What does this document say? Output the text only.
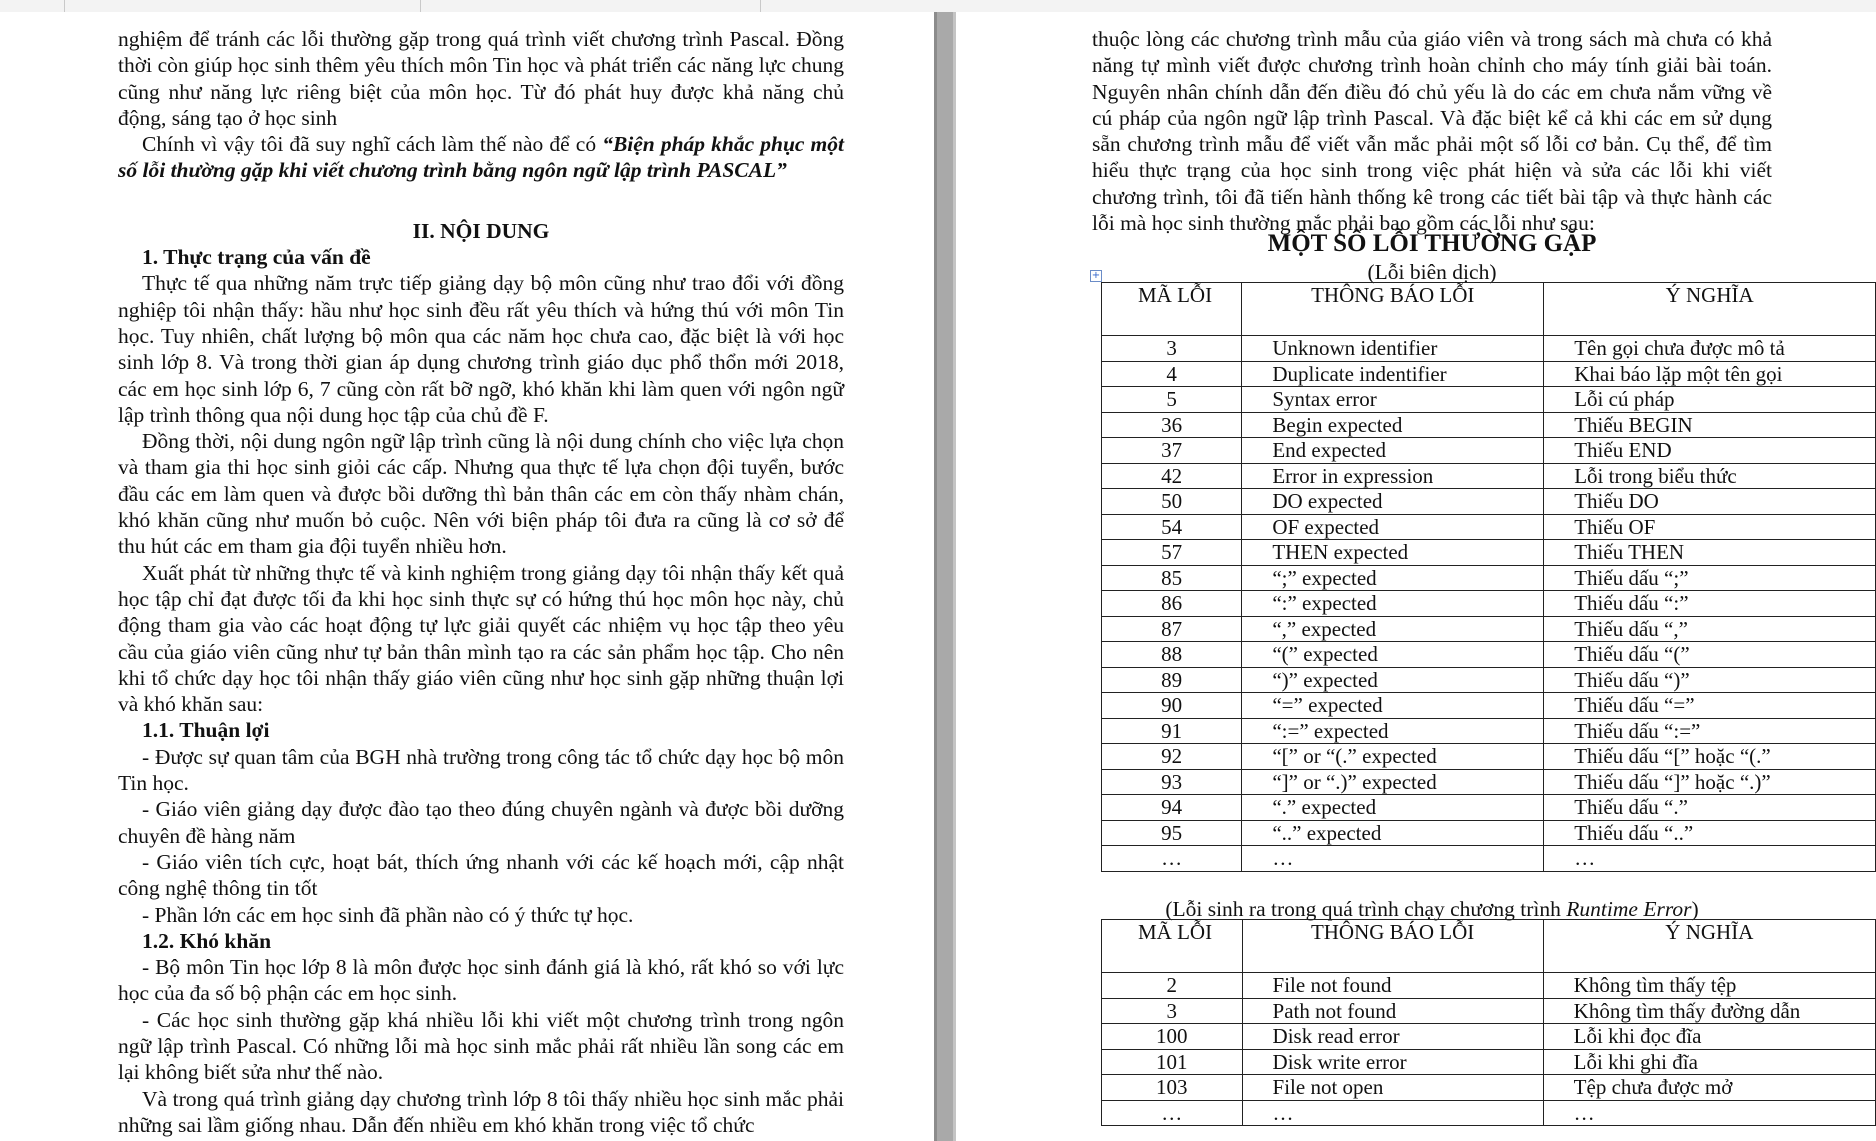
nghiệm để tránh các lỗi thường gặp trong quá trình viết chương trình Pascal. Đồng thời còn giúp học sinh thêm yêu thích môn Tin học và phát triển các năng lực chung cũng như năng lực riêng biệt của môn học. Từ đó phát huy được khả năng chủ động, sáng tạo ở học sinh

Chính vì vậy tôi đã suy nghĩ cách làm thế nào để có “Biện pháp khắc phục một số lỗi thường gặp khi viết chương trình bằng ngôn ngữ lập trình PASCAL”

II. NỘI DUNG
1. Thực trạng của vấn đề

Thực tế qua những năm trực tiếp giảng dạy bộ môn cũng như trao đổi với đồng nghiệp tôi nhận thấy: hầu như học sinh đều rất yêu thích và hứng thú với môn Tin học. Tuy nhiên, chất lượng bộ môn qua các năm học chưa cao, đặc biệt là với học sinh lớp 8. Và trong thời gian áp dụng chương trình giáo dục phổ thổn mới 2018, các em học sinh lớp 6, 7 cũng còn rất bỡ ngỡ, khó khăn khi làm quen với ngôn ngữ lập trình thông qua nội dung học tập của chủ đề F.

Đồng thời, nội dung ngôn ngữ lập trình cũng là nội dung chính cho việc lựa chọn và tham gia thi học sinh giỏi các cấp. Nhưng qua thực tế lựa chọn đội tuyển, bước đầu các em làm quen và được bồi dưỡng thì bản thân các em còn thấy nhàm chán, khó khăn cũng như muốn bỏ cuộc. Nên với biện pháp tôi đưa ra cũng là cơ sở để thu hút các em tham gia đội tuyển nhiều hơn.

Xuất phát từ những thực tế và kinh nghiệm trong giảng dạy tôi nhận thấy kết quả học tập chỉ đạt được tối đa khi học sinh thực sự có hứng thú học môn học này, chủ động tham gia vào các hoạt động tự lực giải quyết các nhiệm vụ học tập theo yêu cầu của giáo viên cũng như tự bản thân mình tạo ra các sản phẩm học tập. Cho nên khi tổ chức dạy học tôi nhận thấy giáo viên cũng như học sinh gặp những thuận lợi và khó khăn sau:

1.1. Thuận lợi

- Được sự quan tâm của BGH nhà trường trong công tác tổ chức dạy học bộ môn Tin học.

- Giáo viên giảng dạy được đào tạo theo đúng chuyên ngành và được bồi dưỡng chuyên đề hàng năm

- Giáo viên tích cực, hoạt bát, thích ứng nhanh với các kế hoạch mới, cập nhật công nghệ thông tin tốt

- Phần lớn các em học sinh đã phần nào có ý thức tự học.

1.2. Khó khăn

- Bộ môn Tin học lớp 8 là môn được học sinh đánh giá là khó, rất khó so với lực học của đa số bộ phận các em học sinh.

- Các học sinh thường gặp khá nhiều lỗi khi viết một chương trình trong ngôn ngữ lập trình Pascal. Có những lỗi mà học sinh mắc phải rất nhiều lần song các em lại không biết sửa như thế nào.

Và trong quá trình giảng dạy chương trình lớp 8 tôi thấy nhiều học sinh mắc phải những sai lầm giống nhau. Dẫn đến nhiều em khó khăn trong việc tổ chức

thuộc lòng các chương trình mẫu của giáo viên và trong sách mà chưa có khả năng tự mình viết được chương trình hoàn chỉnh cho máy tính giải bài toán. Nguyên nhân chính dẫn đến điều đó chủ yếu là do các em chưa nắm vững về cú pháp của ngôn ngữ lập trình Pascal. Và đặc biệt kể cả khi các em sử dụng sẵn chương trình mẫu để viết vẫn mắc phải một số lỗi cơ bản. Cụ thể, để tìm hiểu thực trạng của học sinh trong việc phát hiện và sửa các lỗi khi viết chương trình, tôi đã tiến hành thống kê trong các tiết bài tập và thực hành các lỗi mà học sinh thường mắc phải bao gồm các lỗi như sau:

MỘT SỐ LỖI THƯỜNG GẶP
(Lỗi biên dịch)
+
MÃ LỖI	THÔNG BÁO LỖI	Ý NGHĨA
3	Unknown identifier	Tên gọi chưa được mô tả
4	Duplicate indentifier	Khai báo lặp một tên gọi
5	Syntax error	Lỗi cú pháp
36	Begin expected	Thiếu BEGIN
37	End expected	Thiếu END
42	Error in expression	Lỗi trong biểu thức
50	DO expected	Thiếu DO
54	OF expected	Thiếu OF
57	THEN expected	Thiếu THEN
85	“;” expected	Thiếu dấu “;”
86	“:” expected	Thiếu dấu “:”
87	“,” expected	Thiếu dấu “,”
88	“(” expected	Thiếu dấu “(”
89	“)” expected	Thiếu dấu “)”
90	“=” expected	Thiếu dấu “=”
91	“:=” expected	Thiếu dấu “:=”
92	“[” or “(.” expected	Thiếu dấu “[” hoặc “(.”
93	“]” or “.)” expected	Thiếu dấu “]” hoặc “.)”
94	“.” expected	Thiếu dấu “.”
95	“..” expected	Thiếu dấu “..”
…	…	…
(Lỗi sinh ra trong quá trình chạy chương trình Runtime Error)
MÃ LỖI	THÔNG BÁO LỖI	Ý NGHĨA
2	File not found	Không tìm thấy tệp
3	Path not found	Không tìm thấy đường dẫn
100	Disk read error	Lỗi khi đọc đĩa
101	Disk write error	Lỗi khi ghi đĩa
103	File not open	Tệp chưa được mở
…	…	…
